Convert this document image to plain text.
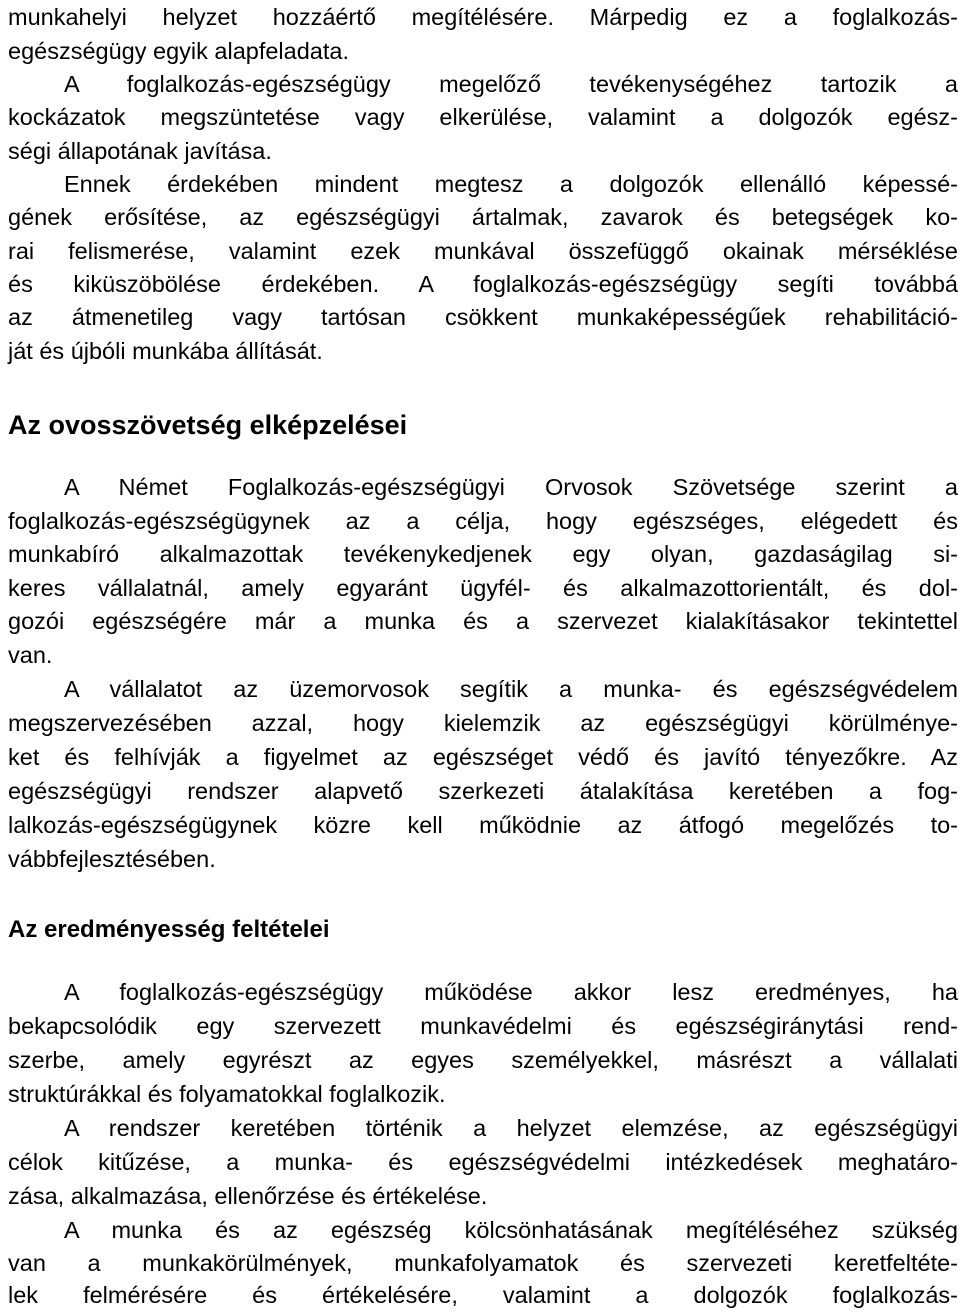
munkahelyi helyzet hozzáértő megítélésére. Márpedig ez a foglalkozás-
egészségügy egyik alapfeladata.
A foglalkozás-egészségügy megelőző tevékenységéhez tartozik a
kockázatok megszüntetése vagy elkerülése, valamint a dolgozók egész-
ségi állapotának javítása.
Ennek érdekében mindent megtesz a dolgozók ellenálló képessé-
gének erősítése, az egészségügyi ártalmak, zavarok és betegségek ko-
rai felismerése, valamint ezek munkával összefüggő okainak mérséklése
és kiküszöbölése érdekében. A foglalkozás-egészségügy segíti továbbá
az átmenetileg vagy tartósan csökkent munkaképességűek rehabilitáció-
ját és újbóli munkába állítását.
Az ovosszövetség elképzelései
A Német Foglalkozás-egészségügyi Orvosok Szövetsége szerint a
foglalkozás-egészségügynek az a célja, hogy egészséges, elégedett és
munkabíró alkalmazottak tevékenykedjenek egy olyan, gazdaságilag si-
keres vállalatnál, amely egyaránt ügyfél- és alkalmazottorientált, és dol-
gozói egészségére már a munka és a szervezet kialakításakor tekintettel
van.
A vállalatot az üzemorvosok segítik a munka- és egészségvédelem
megszervezésében azzal, hogy kielemzik az egészségügyi körülménye-
ket és felhívják a figyelmet az egészséget védő és javító tényezőkre. Az
egészségügyi rendszer alapvető szerkezeti átalakítása keretében a fog-
lalkozás-egészségügynek közre kell működnie az átfogó megelőzés to-
vábbfejlesztésében.
Az eredményesség feltételei
A foglalkozás-egészségügy működése akkor lesz eredményes, ha
bekapcsolódik egy szervezett munkavédelmi és egészségiránytási rend-
szerbe, amely egyrészt az egyes személyekkel, másrészt a vállalati
struktúrákkal és folyamatokkal foglalkozik.
A rendszer keretében történik a helyzet elemzése, az egészségügyi
célok kitűzése, a munka- és egészségvédelmi intézkedések meghatáro-
zása, alkalmazása, ellenőrzése és értékelése.
A munka és az egészség kölcsönhatásának megítéléséhez szükség
van a munkakörülmények, munkafolyamatok és szervezeti keretfeltéte-
lek felmérésére és értékelésére, valamint a dolgozók foglalkozás-
